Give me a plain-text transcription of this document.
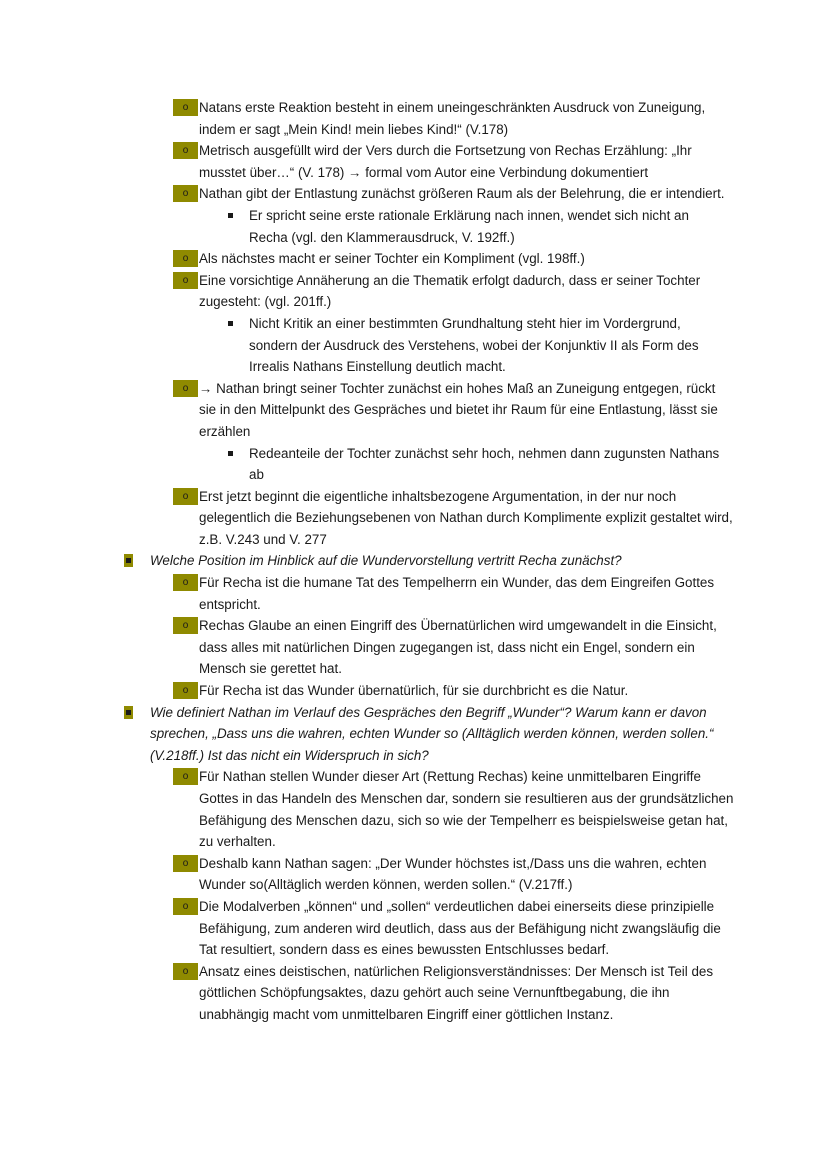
o Natans erste Reaktion besteht in einem uneingeschränkten Ausdruck von Zuneigung, indem er sagt „Mein Kind! mein liebes Kind!“ (V.178)
o Metrisch ausgefüllt wird der Vers durch die Fortsetzung von Rechas Erzählung: „Ihr musstet über…“ (V. 178) → formal vom Autor eine Verbindung dokumentiert
o Nathan gibt der Entlastung zunächst größeren Raum als der Belehrung, die er intendiert.
Er spricht seine erste rationale Erklärung nach innen, wendet sich nicht an Recha (vgl. den Klammerausdruck, V. 192ff.)
o Als nächstes macht er seiner Tochter ein Kompliment (vgl. 198ff.)
o Eine vorsichtige Annäherung an die Thematik erfolgt dadurch, dass er seiner Tochter zugesteht: (vgl. 201ff.)
Nicht Kritik an einer bestimmten Grundhaltung steht hier im Vordergrund, sondern der Ausdruck des Verstehens, wobei der Konjunktiv II als Form des Irrealis Nathans Einstellung deutlich macht.
o → Nathan bringt seiner Tochter zunächst ein hohes Maß an Zuneigung entgegen, rückt sie in den Mittelpunkt des Gespräches und bietet ihr Raum für eine Entlastung, lässt sie erzählen
Redeanteile der Tochter zunächst sehr hoch, nehmen dann zugunsten Nathans ab
o Erst jetzt beginnt die eigentliche inhaltsbezogene Argumentation, in der nur noch gelegentlich die Beziehungsebenen von Nathan durch Komplimente explizit gestaltet wird, z.B. V.243 und V. 277
Welche Position im Hinblick auf die Wundervorstellung vertritt Recha zunächst?
o Für Recha ist die humane Tat des Tempelherrn ein Wunder, das dem Eingreifen Gottes entspricht.
o Rechas Glaube an einen Eingriff des Übernatürlichen wird umgewandelt in die Einsicht, dass alles mit natürlichen Dingen zugegangen ist, dass nicht ein Engel, sondern ein Mensch sie gerettet hat.
o Für Recha ist das Wunder übernatürlich, für sie durchbricht es die Natur.
Wie definiert Nathan im Verlauf des Gespräches den Begriff „Wunder“? Warum kann er davon sprechen, „Dass uns die wahren, echten Wunder so (Alltäglich werden können, werden sollen.“ (V.218ff.) Ist das nicht ein Widerspruch in sich?
o Für Nathan stellen Wunder dieser Art (Rettung Rechas) keine unmittelbaren Eingriffe Gottes in das Handeln des Menschen dar, sondern sie resultieren aus der grundsätzlichen Befähigung des Menschen dazu, sich so wie der Tempelherr es beispielsweise getan hat, zu verhalten.
o Deshalb kann Nathan sagen: „Der Wunder höchstes ist,/Dass uns die wahren, echten Wunder so(Alltäglich werden können, werden sollen.“ (V.217ff.)
o Die Modalverben „können“ und „sollen“ verdeutlichen dabei einerseits diese prinzipielle Befähigung, zum anderen wird deutlich, dass aus der Befähigung nicht zwangsläufig die Tat resultiert, sondern dass es eines bewussten Entschlusses bedarf.
o Ansatz eines deistischen, natürlichen Religionsverständnisses: Der Mensch ist Teil des göttlichen Schöpfungsaktes, dazu gehört auch seine Vernunftbegabung, die ihn unabhängig macht vom unmittelbaren Eingriff einer göttlichen Instanz.
